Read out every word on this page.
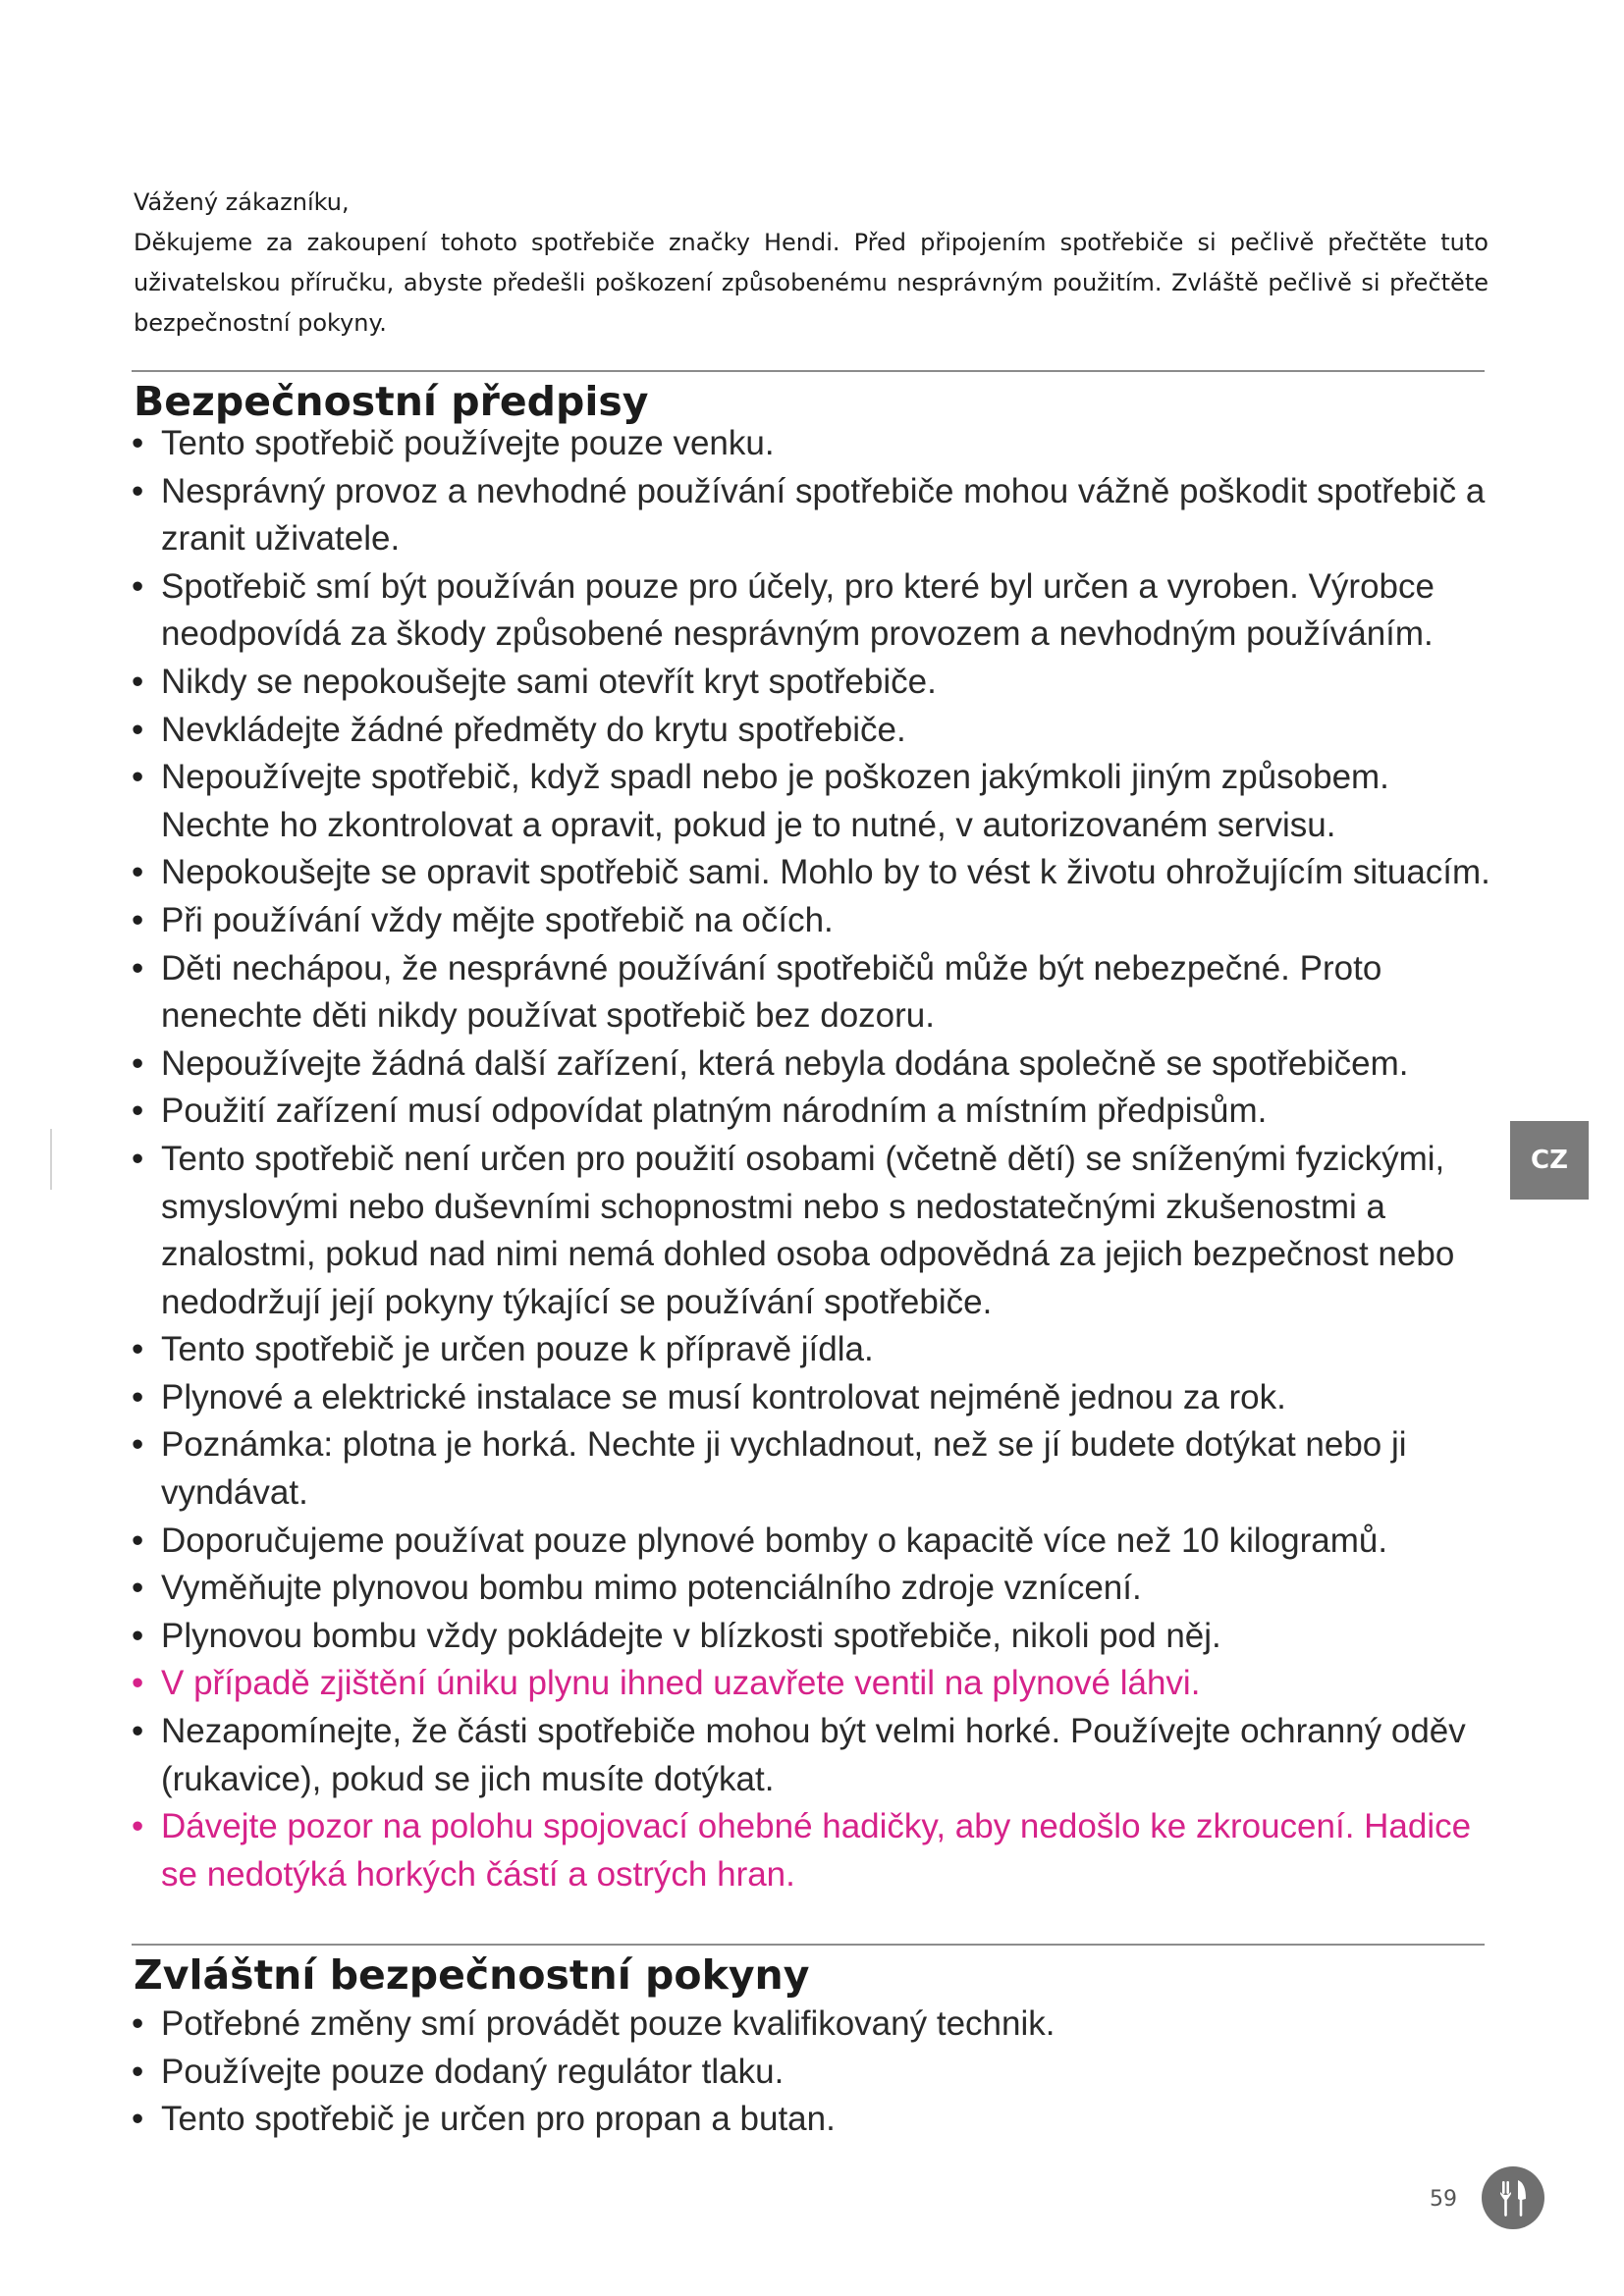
Vážený zákazníku,

Děkujeme za zakoupení tohoto spotřebiče značky Hendi. Před připojením spotřebiče si pečlivě přečtěte tuto uživatelskou příručku, abyste předešli poškození způsobenému nesprávným použitím. Zvláště pečlivě si přečtěte bezpečnostní pokyny.

Bezpečnostní předpisy
• Tento spotřebič používejte pouze venku.
• Nesprávný provoz a nevhodné používání spotřebiče mohou vážně poškodit spotřebič a zranit uživatele.
• Spotřebič smí být používán pouze pro účely, pro které byl určen a vyroben. Výrobce neodpovídá za škody způsobené nesprávným provozem a nevhodným používáním.
• Nikdy se nepokoušejte sami otevřít kryt spotřebiče.
• Nevkládejte žádné předměty do krytu spotřebiče.
• Nepoužívejte spotřebič, když spadl nebo je poškozen jakýmkoli jiným způsobem. Nechte ho zkontrolovat a opravit, pokud je to nutné, v autorizovaném servisu.
• Nepokoušejte se opravit spotřebič sami. Mohlo by to vést k životu ohrožujícím situacím.
• Při používání vždy mějte spotřebič na očích.
• Děti nechápou, že nesprávné používání spotřebičů může být nebezpečné. Proto nenechte děti nikdy používat spotřebič bez dozoru.
• Nepoužívejte žádná další zařízení, která nebyla dodána společně se spotřebičem.
• Použití zařízení musí odpovídat platným národním a místním předpisům.
• Tento spotřebič není určen pro použití osobami (včetně dětí) se sníženými fyzickými, smyslovými nebo duševními schopnostmi nebo s nedostatečnými zkušenostmi a znalostmi, pokud nad nimi nemá dohled osoba odpovědná za jejich bezpečnost nebo nedodržují její pokyny týkající se používání spotřebiče.
• Tento spotřebič je určen pouze k přípravě jídla.
• Plynové a elektrické instalace se musí kontrolovat nejméně jednou za rok.
• Poznámka: plotna je horká. Nechte ji vychladnout, než se jí budete dotýkat nebo ji vyndávat.
• Doporučujeme používat pouze plynové bomby o kapacitě více než 10 kilogramů.
• Vyměňujte plynovou bombu mimo potenciálního zdroje vznícení.
• Plynovou bombu vždy pokládejte v blízkosti spotřebiče, nikoli pod něj.
• V případě zjištění úniku plynu ihned uzavřete ventil na plynové láhvi.
• Nezapomínejte, že části spotřebiče mohou být velmi horké. Používejte ochranný oděv (rukavice), pokud se jich musíte dotýkat.
• Dávejte pozor na polohu spojovací ohebné hadičky, aby nedošlo ke zkroucení. Hadice se nedotýká horkých částí a ostrých hran.
Zvláštní bezpečnostní pokyny
• Potřebné změny smí provádět pouze kvalifikovaný technik.
• Používejte pouze dodaný regulátor tlaku.
• Tento spotřebič je určen pro propan a butan.
CZ
59
